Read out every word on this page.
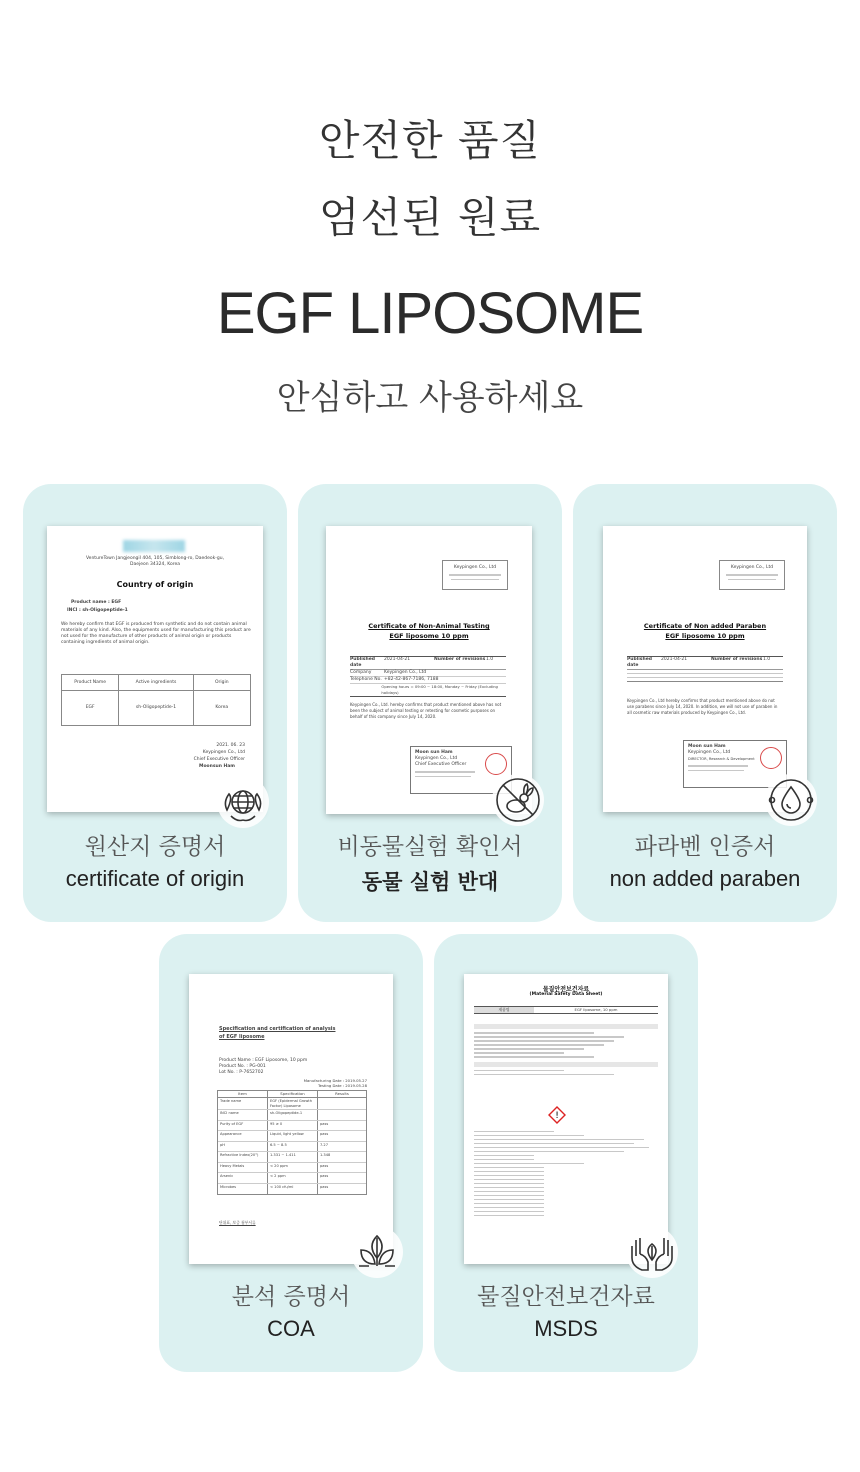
안전한 품질
엄선된 원료
EGF LIPOSOME
안심하고 사용하세요
VentureTown Jangjeongil 404, 105, Simblong-ro, Daedeok-gu, Daejeon 34324, Korea
Country of origin
Product name : EGF
INCI : sh-Oligopeptide-1
We hereby confirm that EGF is produced from synthetic and do not contain animal materials of any kind. Also, the equipments used for manufacturing this product are not used for the manufacture of other products of animal origin or products containing ingredients of animal origin.
Product Name	Active ingredients	Origin
EGF	sh-Oligopeptide-1	Korea
2021. 06. 23
Keypingen Co., Ltd
Chief Executive Officer
Moonsun Ham
원산지 증명서
certificate of origin
Keypingen Co., Ltd
Certificate of Non-Animal Testing
EGF liposome 10 ppm
Published date
2021-04-21	Number of revisions 1.0
Company	Keypingen Co., Ltd
Telephone No. +82-42-867-7186, 7188
Opening hours = 09:00 ~ 18:00, Monday ~ Friday (Excluding holidays)
Keypingen Co., Ltd. hereby confirms that product mentioned above has not been the subject of animal testing or retesting for cosmetic purposes on behalf of this company since July 14, 2020.
Moon sun Ham
Keypingen Co., Ltd
Chief Executive Officer
비동물실험 확인서
동물 실험 반대
Keypingen Co., Ltd
Certificate of Non added Paraben
EGF liposome 10 ppm
Published date
2021-04-21	Number of revisions 1.0
Keypingen Co., Ltd hereby confirms that product mentioned above do not use parabens since July 14, 2020. In addition, we will not use of paraben in all cosmetic raw materials produced by Keypingen Co., Ltd.
Moon sun Ham
Keypingen Co., Ltd
DIRECTOR, Research & Development
파라벤 인증서
non added paraben
Specification and certification of analysis
of EGF liposome
Product Name : EGF Liposome, 10 ppm
Product No. : PG-001
Lot No. : P-7652702
Manufacturing Date : 2019.05.27
Testing Date : 2019.05.28
Item	Specification	Results
Trade name	EGF (Epidermal Growth Factor) Liposome
INCI name	sh-Oligopeptide-1
Purity of EGF	95 ≥ 0	pass
Appearance	Liquid, light yellow	pass
pH	6.5 ~ 8.5	7.27
Refractive Index(20°)	1.331 ~ 1.411	1.348
Heavy Metals	< 20 ppm	pass
Arsenic	< 2 ppm	pass
Microbes	< 100 cfu/ml	pass
단위표, 보증 첨부서류
분석 증명서
COA
물질안전보건자료
(Material Safety Data Sheet)
제품명	EGF liposome, 10 ppm
!
물질안전보건자료
MSDS
